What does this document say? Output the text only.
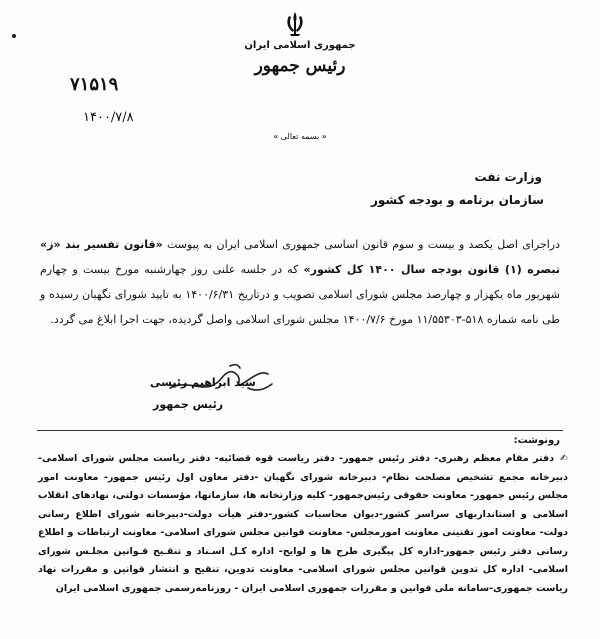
جمهوری اسلامی ایران
رئیس جمهور
۷۱۵۱۹
۱۴۰۰/۷/۸
« بسمه تعالی »
وزارت نفت
سازمان برنامه و بودجه کشور

دراجرای اصل یکصد و بیست و سوم قانون اساسی جمهوری اسلامی ایران به پیوست «قانون تفسیر بند «ز» تبصره (۱) قانون بودجه سال ۱۴۰۰ کل کشور» که در جلسه علنی روز چهارشنبه مورخ بیست و چهارم شهریور ماه یکهزار و چهارصد مجلس شورای اسلامی تصویب و درتاریخ ۱۴۰۰/۶/۳۱ به تایید شورای نگهبان رسیده و طی نامه شماره ۵۱۸-۱۱/۵۵۳۰۳ مورخ ۱۴۰۰/۷/۶ مجلس شورای اسلامی واصل گردیده، جهت اجرا ابلاغ می گردد.

سید ابراهیم رئیسی
رئیس جمهور
رونوشت:

✍دفتر مقام معظم رهبری- دفتر رئیس جمهور- دفتر ریاست قوه قضائیه- دفتر ریاست مجلس شورای اسلامی- دبیرخانه مجمع تشخیص مصلحت نظام- دبیرخانه شورای نگهبان -دفتر معاون اول رئیس جمهور- معاونت امور مجلس رئیس جمهور- معاونت حقوقی رئیس‌جمهور- کلیه وزارتخانه ها، سازمانها، مؤسسات دولتی، نهادهای انقلاب اسلامی و استانداریهای سراسر کشور-دیوان محاسبات کشور-دفتر هیأت دولت-دبیرخانه شورای اطلاع رسانی دولت- معاونت امور تقنینی معاونت امورمجلس- معاونت قوانین مجلس شورای اسلامی- معاونت ارتباطات و اطلاع رسانی دفتر رئیس جمهور-اداره کل پیگیری طرح ها و لوایح- اداره کـل اسـناد و تنقـیح قـوانین مجلـس شورای اسلامی- اداره کل تدوین قوانین مجلس شورای اسلامی- معاونت تدوین، تنقیح و انتشار قوانین و مقررات نهاد ریاست جمهوری-سامانه ملی قوانین و مقررات جمهوری اسلامی ایران - روزنامه‌رسمی جمهوری اسلامی ایران
